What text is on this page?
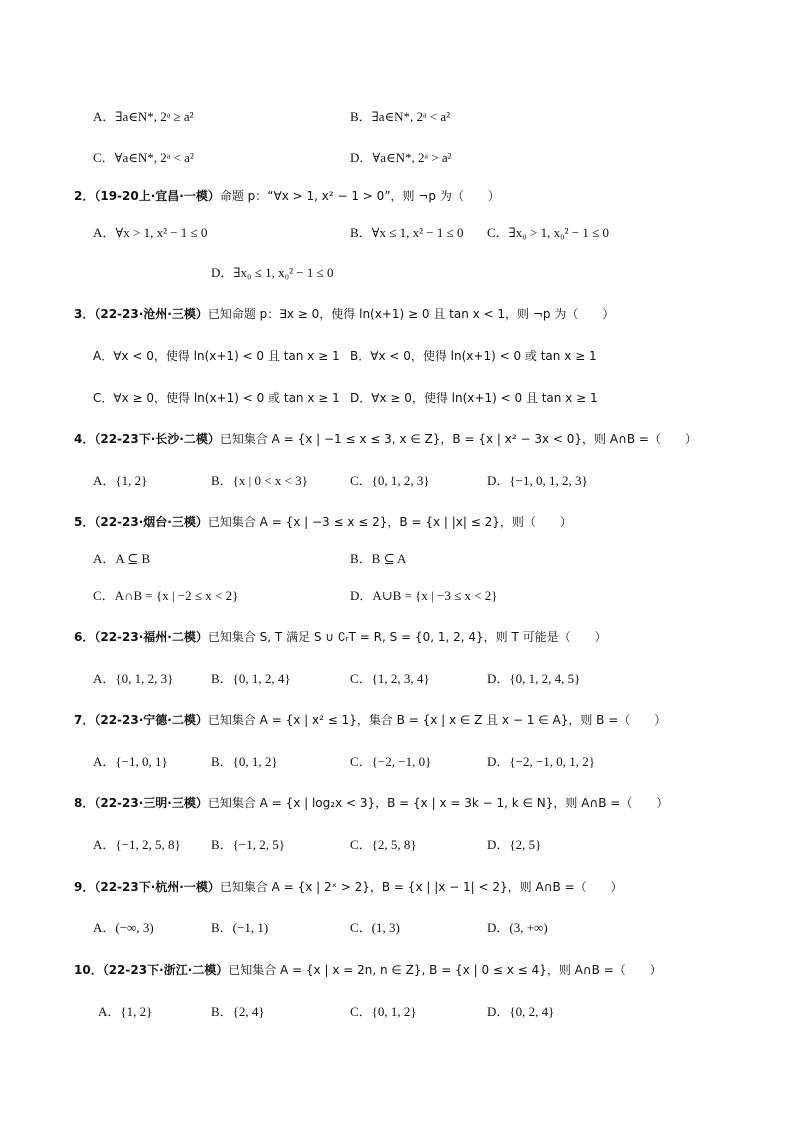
A．∃a∈N*, 2ᵃ ≥ a²	B．∃a∈N*, 2ᵃ < a²
C．∀a∈N*, 2ᵃ < a²	D．∀a∈N*, 2ᵃ > a²
2．（19-20上·宜昌·一模）命题 p：“∀x > 1, x² − 1 > 0”，则 ¬p 为（　　）
A．∀x > 1, x² − 1 ≤ 0	B．∀x ≤ 1, x² − 1 ≤ 0 C．∃x₀ > 1, x₀² − 1 ≤ 0
D．∃x₀ ≤ 1, x₀² − 1 ≤ 0
3．（22-23·沧州·三模）已知命题 p：∃x ≥ 0，使得 ln(x+1) ≥ 0 且 tan x < 1，则 ¬p 为（　　）
A．∀x < 0，使得 ln(x+1) < 0 且 tan x ≥ 1 B．∀x < 0，使得 ln(x+1) < 0 或 tan x ≥ 1
C．∀x ≥ 0，使得 ln(x+1) < 0 或 tan x ≥ 1 D．∀x ≥ 0，使得 ln(x+1) < 0 且 tan x ≥ 1
4．（22-23下·长沙·二模）已知集合 A = {x | −1 ≤ x ≤ 3, x ∈ Z}，B = {x | x² − 3x < 0}，则 A∩B =（　　）
A．{1, 2}	B．{x | 0 < x < 3}	C．{0, 1, 2, 3}	D．{−1, 0, 1, 2, 3}
5．（22-23·烟台·三模）已知集合 A = {x | −3 ≤ x ≤ 2}，B = {x | |x| ≤ 2}，则（　　）
A．A ⊆ B	B．B ⊆ A
C．A∩B = {x | −2 ≤ x < 2}	D．A∪B = {x | −3 ≤ x < 2}
6．（22-23·福州·二模）已知集合 S, T 满足 S ∪ ∁ᵣT = R, S = {0, 1, 2, 4}，则 T 可能是（　　）
A．{0, 1, 2, 3}	B．{0, 1, 2, 4}	C．{1, 2, 3, 4}	D．{0, 1, 2, 4, 5}
7．（22-23·宁德·二模）已知集合 A = {x | x² ≤ 1}，集合 B = {x | x ∈ Z 且 x − 1 ∈ A}，则 B =（　　）
A．{−1, 0, 1}	B．{0, 1, 2}	C．{−2, −1, 0}	D．{−2, −1, 0, 1, 2}
8．（22-23·三明·三模）已知集合 A = {x | log₂x < 3}，B = {x | x = 3k − 1, k ∈ N}，则 A∩B =（　　）
A．{−1, 2, 5, 8} B．{−1, 2, 5}	C．{2, 5, 8}	D．{2, 5}
9．（22-23下·杭州·一模）已知集合 A = {x | 2ˣ > 2}，B = {x | |x − 1| < 2}，则 A∩B =（　　）
A．(−∞, 3)	B．(−1, 1)	C．(1, 3)	D．(3, +∞)
10．（22-23下·浙江·二模）已知集合 A = {x | x = 2n, n ∈ Z}, B = {x | 0 ≤ x ≤ 4}，则 A∩B =（　　）
A．{1, 2}	B．{2, 4}	C．{0, 1, 2}	D．{0, 2, 4}
